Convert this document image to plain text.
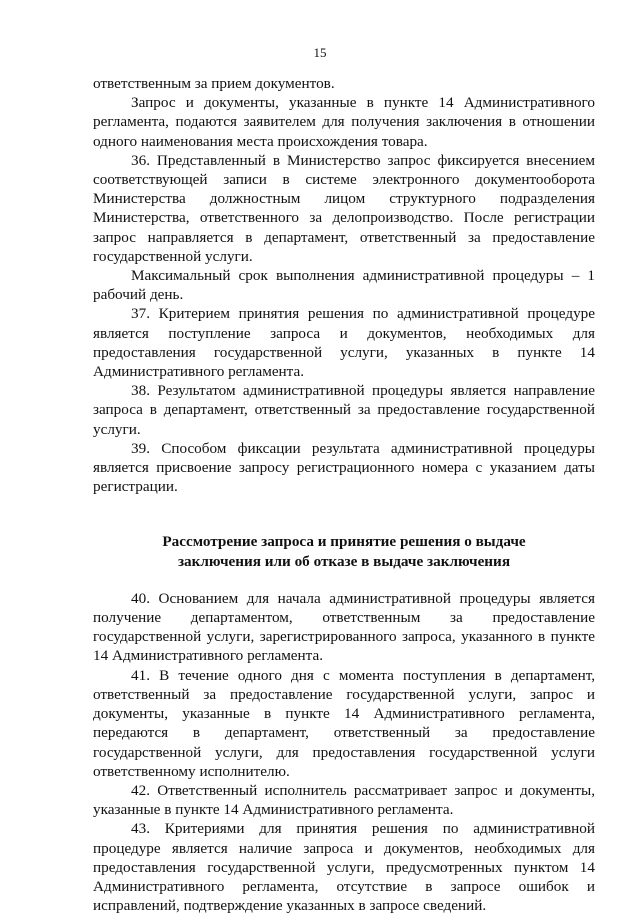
15

ответственным за прием документов.

Запрос и документы, указанные в пункте 14 Административного регламента, подаются заявителем для получения заключения в отношении одного наименования места происхождения товара.

36. Представленный в Министерство запрос фиксируется внесением соответствующей записи в системе электронного документооборота Министерства должностным лицом структурного подразделения Министерства, ответственного за делопроизводство. После регистрации запрос направляется в департамент, ответственный за предоставление государственной услуги.

Максимальный срок выполнения административной процедуры – 1 рабочий день.

37. Критерием принятия решения по административной процедуре является поступление запроса и документов, необходимых для предоставления государственной услуги, указанных в пункте 14 Административного регламента.

38. Результатом административной процедуры является направление запроса в департамент, ответственный за предоставление государственной услуги.

39. Способом фиксации результата административной процедуры является присвоение запросу регистрационного номера с указанием даты регистрации.

Рассмотрение запроса и принятие решения о выдаче
заключения или об отказе в выдаче заключения

40. Основанием для начала административной процедуры является получение департаментом, ответственным за предоставление государственной услуги, зарегистрированного запроса, указанного в пункте 14 Административного регламента.

41. В течение одного дня с момента поступления в департамент, ответственный за предоставление государственной услуги, запрос и документы, указанные в пункте 14 Административного регламента, передаются в департамент, ответственный за предоставление государственной услуги, для предоставления государственной услуги ответственному исполнителю.

42. Ответственный исполнитель рассматривает запрос и документы, указанные в пункте 14 Административного регламента.

43. Критериями для принятия решения по административной процедуре является наличие запроса и документов, необходимых для предоставления государственной услуги, предусмотренных пунктом 14 Административного регламента, отсутствие в запросе ошибок и исправлений, подтверждение указанных в запросе сведений.
